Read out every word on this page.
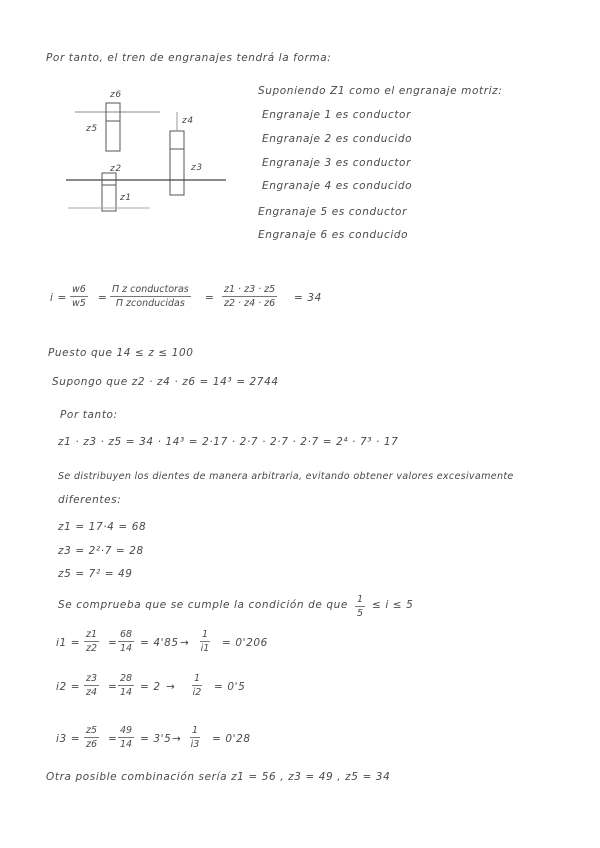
Por tanto, el tren de engranajes tendrá la forma:
z6
z5
z4
z3
z2
z1
Suponiendo Z1 como el engranaje motriz:
Engranaje 1 es conductor
Engranaje 2 es conducido
Engranaje 3 es conductor
Engranaje 4 es conducido
Engranaje 5 es conductor
Engranaje 6 es conducido
$i = \frac{w6}{w5}$ =
Π z conductoras
Π zconducidas	= $\frac{z1 \cdot z3 \cdot z5}{z2 \cdot z4 \cdot z6} = 34$
Puesto que 14 ≤ z ≤ 100
Supongo que z2 · z4 · z6 = 14³ = 2744
Por tanto:
z1 · z3 · z5 = 34 · 14³ = 2·17 · 2·7 · 2·7 · 2·7 = 2⁴ · 7³ · 17
Se distribuyen los dientes de manera arbitraria, evitando obtener valores excesivamente
diferentes:
z1 = 17·4 = 68
z3 = 2²·7 = 28
z5 = 7² = 49
Se comprueba que se cumple la condición de que $\frac{1}{5} \le i \le 5$
$i1 = \frac{z1}{z2} = \frac{68}{14} = 4'85 \to \frac{1}{i1} = 0'206$
$i2 = \frac{z3}{z4} = \frac{28}{14} = 2 \to \frac{1}{i2} = 0'5$
$i3 = \frac{z5}{z6} = \frac{49}{14} = 3'5 \to \frac{1}{i3} = 0'28$
Otra posible combinación sería z1 = 56 , z3 = 49 , z5 = 34
